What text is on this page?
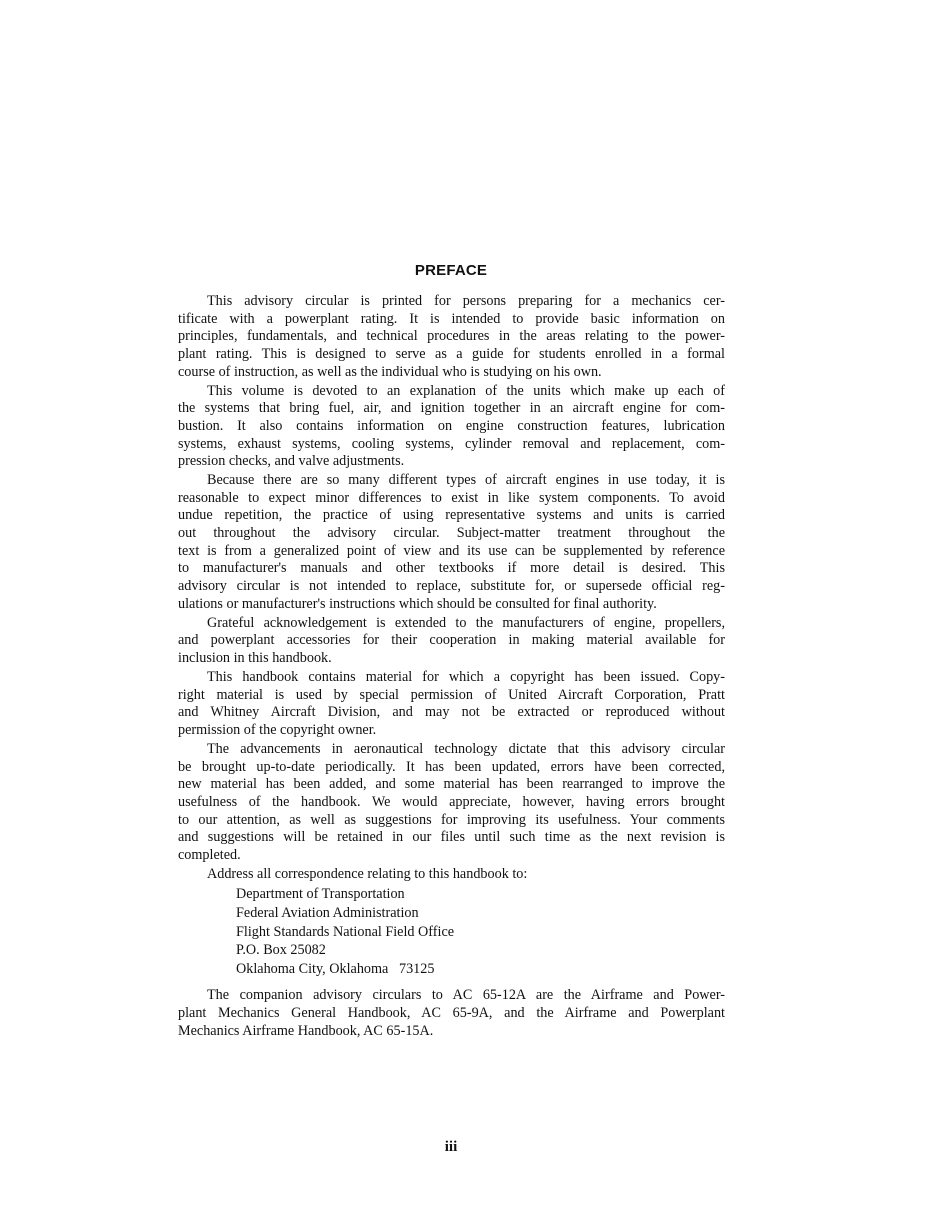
PREFACE
This advisory circular is printed for persons preparing for a mechanics cer-
tificate with a powerplant rating. It is intended to provide basic information on
principles, fundamentals, and technical procedures in the areas relating to the power-
plant rating. This is designed to serve as a guide for students enrolled in a formal
course of instruction, as well as the individual who is studying on his own.
This volume is devoted to an explanation of the units which make up each of
the systems that bring fuel, air, and ignition together in an aircraft engine for com-
bustion. It also contains information on engine construction features, lubrication
systems, exhaust systems, cooling systems, cylinder removal and replacement, com-
pression checks, and valve adjustments.
Because there are so many different types of aircraft engines in use today, it is
reasonable to expect minor differences to exist in like system components. To avoid
undue repetition, the practice of using representative systems and units is carried
out throughout the advisory circular. Subject-matter treatment throughout the
text is from a generalized point of view and its use can be supplemented by reference
to manufacturer's manuals and other textbooks if more detail is desired. This
advisory circular is not intended to replace, substitute for, or supersede official reg-
ulations or manufacturer's instructions which should be consulted for final authority.
Grateful acknowledgement is extended to the manufacturers of engine, propellers,
and powerplant accessories for their cooperation in making material available for
inclusion in this handbook.
This handbook contains material for which a copyright has been issued. Copy-
right material is used by special permission of United Aircraft Corporation, Pratt
and Whitney Aircraft Division, and may not be extracted or reproduced without
permission of the copyright owner.
The advancements in aeronautical technology dictate that this advisory circular
be brought up-to-date periodically. It has been updated, errors have been corrected,
new material has been added, and some material has been rearranged to improve the
usefulness of the handbook. We would appreciate, however, having errors brought
to our attention, as well as suggestions for improving its usefulness. Your comments
and suggestions will be retained in our files until such time as the next revision is
completed.
Address all correspondence relating to this handbook to:
Department of Transportation
Federal Aviation Administration
Flight Standards National Field Office
P.O. Box 25082
Oklahoma City, Oklahoma   73125
The companion advisory circulars to AC 65-12A are the Airframe and Power-
plant Mechanics General Handbook, AC 65-9A, and the Airframe and Powerplant
Mechanics Airframe Handbook, AC 65-15A.
iii
